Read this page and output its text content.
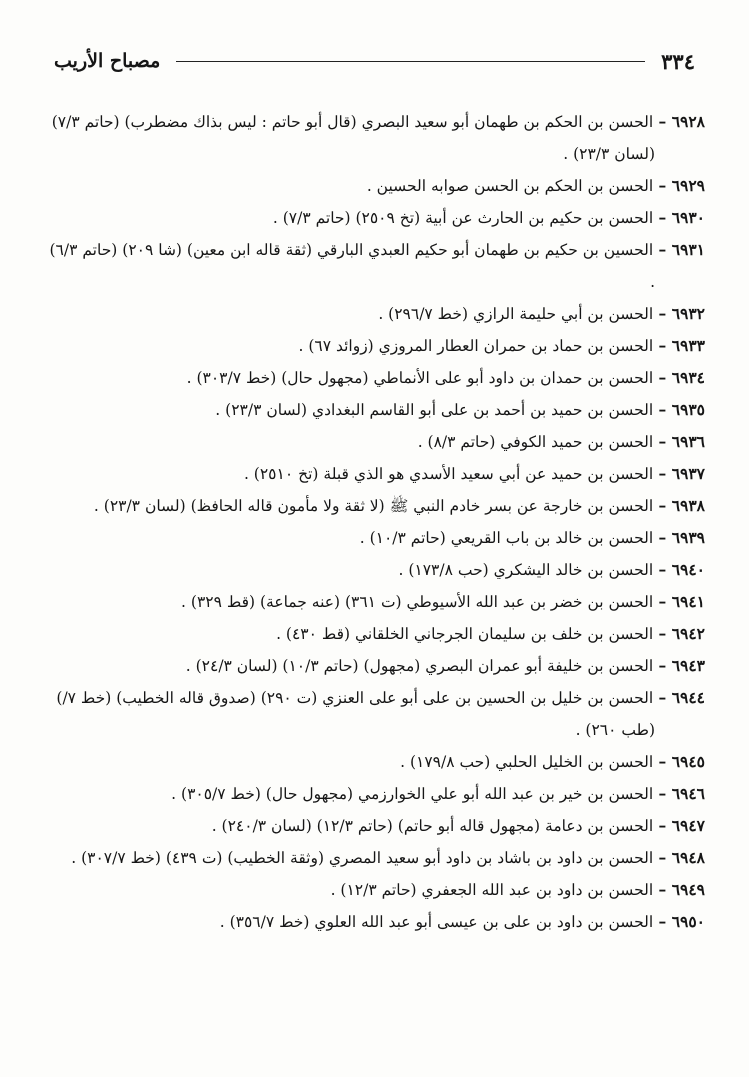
٣٣٤
مصباح الأريب

٦٩٢٨ – الحسن بن الحكم بن طهمان أبو سعيد البصري (قال أبو حاتم : ليس بذاك مضطرب) (حاتم ٧/٣) (لسان ٢٣/٣) .

٦٩٢٩ – الحسن بن الحكم بن الحسن صوابه الحسين .

٦٩٣٠ – الحسن بن حكيم بن الحارث عن أبية (تخ ٢٥٠٩) (حاتم ٧/٣) .

٦٩٣١ – الحسين بن حكيم بن طهمان أبو حكيم العبدي البارقي (ثقة قاله ابن معين) (شا ٢٠٩) (حاتم ٦/٣) .

٦٩٣٢ – الحسن بن أبي حليمة الرازي (خط ٢٩٦/٧) .

٦٩٣٣ – الحسن بن حماد بن حمران العطار المروزي (زوائد ٦٧) .

٦٩٣٤ – الحسن بن حمدان بن داود أبو على الأنماطي (مجهول حال) (خط ٣٠٣/٧) .

٦٩٣٥ – الحسن بن حميد بن أحمد بن على أبو القاسم البغدادي (لسان ٢٣/٣) .

٦٩٣٦ – الحسن بن حميد الكوفي (حاتم ٨/٣) .

٦٩٣٧ – الحسن بن حميد عن أبي سعيد الأسدي هو الذي قبلة (تخ ٢٥١٠) .

٦٩٣٨ – الحسن بن خارجة عن بسر خادم النبي ﷺ (لا ثقة ولا مأمون قاله الحافظ) (لسان ٢٣/٣) .

٦٩٣٩ – الحسن بن خالد بن باب القريعي (حاتم ١٠/٣) .

٦٩٤٠ – الحسن بن خالد اليشكري (حب ١٧٣/٨) .

٦٩٤١ – الحسن بن خضر بن عبد الله الأسيوطي (ت ٣٦١) (عنه جماعة) (قط ٣٢٩) .

٦٩٤٢ – الحسن بن خلف بن سليمان الجرجاني الخلقاني (قط ٤٣٠) .

٦٩٤٣ – الحسن بن خليفة أبو عمران البصري (مجهول) (حاتم ١٠/٣) (لسان ٢٤/٣) .

٦٩٤٤ – الحسن بن خليل بن الحسين بن على أبو على العنزي (ت ٢٩٠) (صدوق قاله الخطيب) (خط ٧/) (طب ٢٦٠) .

٦٩٤٥ – الحسن بن الخليل الحلبي (حب ١٧٩/٨) .

٦٩٤٦ – الحسن بن خير بن عبد الله أبو علي الخوارزمي (مجهول حال) (خط ٣٠٥/٧) .

٦٩٤٧ – الحسن بن دعامة (مجهول قاله أبو حاتم) (حاتم ١٢/٣) (لسان ٢٤٠/٣) .

٦٩٤٨ – الحسن بن داود بن باشاد بن داود أبو سعيد المصري (وثقة الخطيب) (ت ٤٣٩) (خط ٣٠٧/٧) .

٦٩٤٩ – الحسن بن داود بن عبد الله الجعفري (حاتم ١٢/٣) .

٦٩٥٠ – الحسن بن داود بن على بن عيسى أبو عبد الله العلوي (خط ٣٥٦/٧) .
